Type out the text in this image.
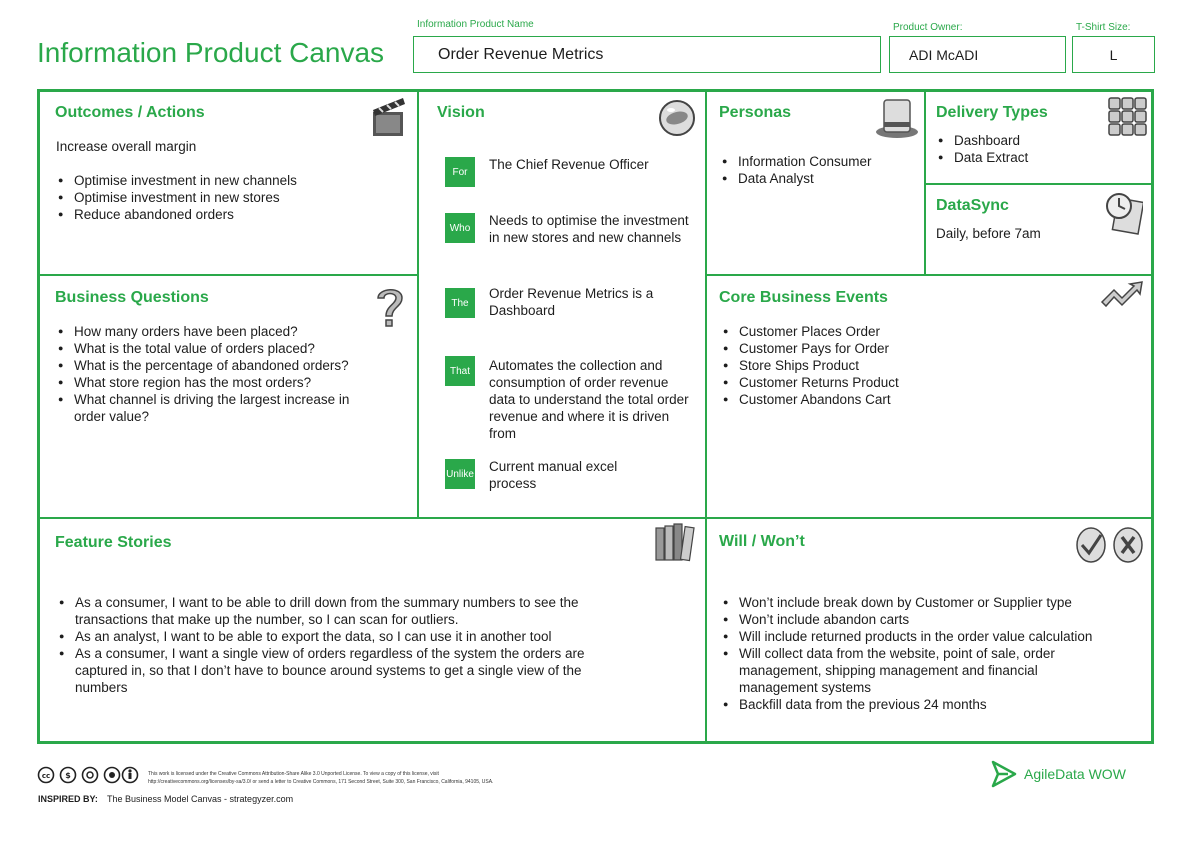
Information Product Canvas
Information Product Name
Order Revenue Metrics
Product Owner:
ADI McADI
T-Shirt Size:
L
Outcomes / Actions
Increase overall margin
● Optimise investment in new channels
● Optimise investment in new stores
● Reduce abandoned orders
Business Questions
● How many orders have been placed?
● What is the total value of orders placed?
● What is the percentage of abandoned orders?
● What store region has the most orders?
● What channel is driving the largest increase in order value?
Vision
For	The Chief Revenue Officer
Who	Needs to optimise the investment in new stores and new channels
The
Order Revenue Metrics is a Dashboard
That	Automates the collection and consumption of order revenue data to understand the total order revenue and where it is driven from
Unlike Current manual excel process
Personas
● Information Consumer
● Data Analyst
Delivery Types
● Dashboard
● Data Extract
DataSync
Daily, before 7am
Core Business Events
● Customer Places Order
● Customer Pays for Order
● Store Ships Product
● Customer Returns Product
● Customer Abandons Cart
Feature Stories
● As a consumer, I want to be able to drill down from the summary numbers to see the transactions that make up the number, so I can scan for outliers.
● As an analyst, I want to be able to export the data, so I can use it in another tool
● As a consumer, I want a single view of orders regardless of the system the orders are captured in, so that I don’t have to bounce around systems to get a single view of the numbers
Will / Won’t
● Won’t include break down by Customer or Supplier type
● Won’t include abandon carts
● Will include returned products in the order value calculation
● Will collect data from the website, point of sale, order management, shipping management and financial management systems
● Backfill data from the previous 24 months
cc $	This work is licensed under the Creative Commons Attribution-Share Alike 3.0 Unported License. To view a copy of this license, visit
http://creativecommons.org/licenses/by-sa/3.0/ or send a letter to Creative Commons, 171 Second Street, Suite 300, San Francisco, California, 94105, USA.
INSPIRED BY: The Business Model Canvas - strategyzer.com
AgileData WOW
